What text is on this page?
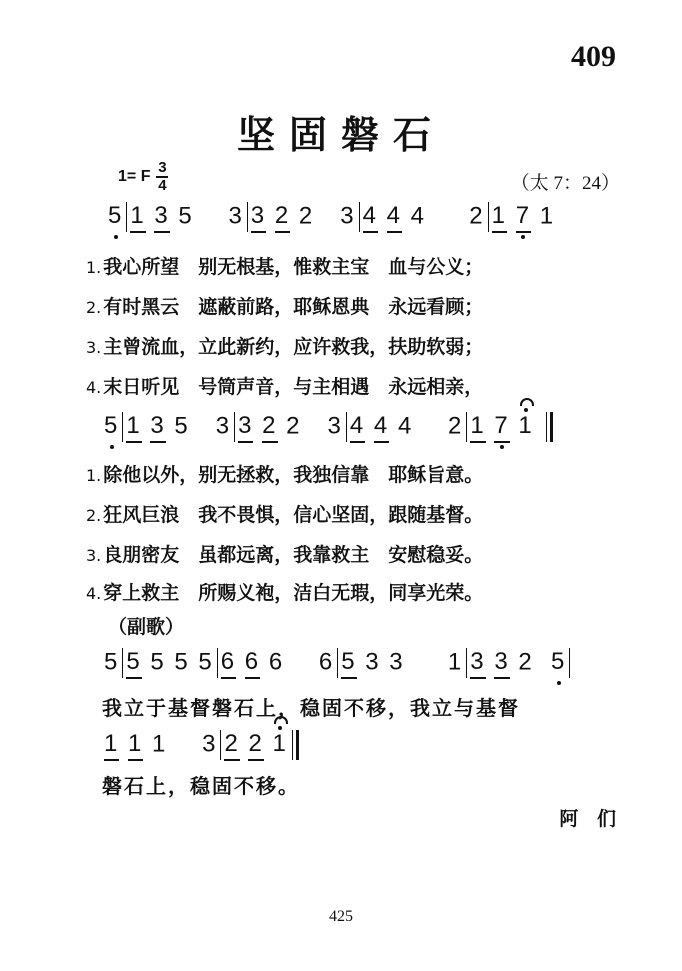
409
坚固磐石
1= F $\frac{3}{4}$	（太 7：24）
5 1 3 5    3 3 2 2   3 4 4 4     2 1 7 1
1. 我心所望　别无根基，惟救主宝　血与公义；
2. 有时黑云　遮蔽前路，耶稣恩典　永远看顾；
3. 主曾流血，立此新约，应许救我，扶助软弱；
4. 末日听见　号筒声音，与主相遇　永远相亲，
5 1 3 5   3 3 2 2   3 4 4 4    2 1 7 1
1. 除他以外，别无拯救，我独信靠　耶稣旨意。
2. 狂风巨浪　我不畏惧，信心坚固，跟随基督。
3. 良朋密友　虽都远离，我靠救主　安慰稳妥。
4. 穿上救主　所赐义袍，洁白无瑕，同享光荣。
（副歌）
5 5 5 5 5 6 6 6    6 5 3 3     1 3 3 2  5
我立于基督磐石上，稳固不移，我立与基督
1 1 1    3 2 2 1
磐石上，稳固不移。
阿 们
425
